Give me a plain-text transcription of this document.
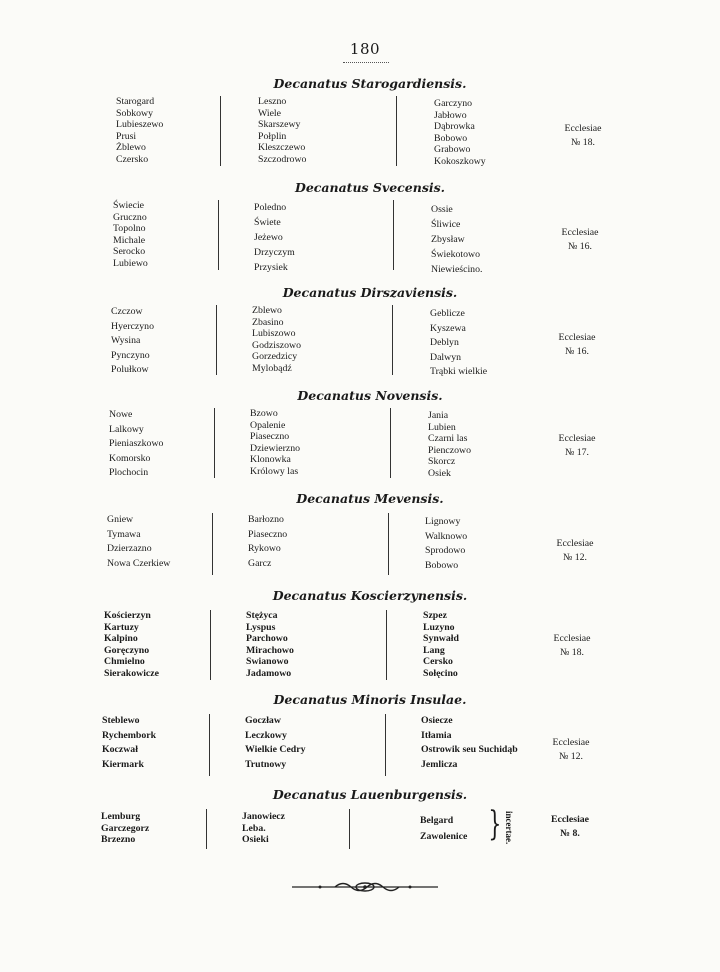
180
Decanatus Starogardiensis.
Starogard
Sobkowy
Lubieszewo
Prusi
Żblewo
Czersko
Leszno
Wiele
Skarszewy
Połplin
Kleszczewo
Szczodrowo
Garczyno
Jabłowo
Dąbrowka
Bobowo
Grabowo
Kokoszkowy
Ecclesiae
№ 18.
Decanatus Svecensis.
Świecie
Gruczno
Topolno
Michale
Serocko
Lubiewo
Poledno
Świete
Jeżewo
Drzyczym
Przysiek
Ossie
Śliwice
Zbysław
Świekotowo
Niewieścino.
Ecclesiae
№ 16.
Decanatus Dirszaviensis.
Czczow
Hyerczyno
Wysina
Pynczyno
Polułkow
Zblewo
Zbasino
Lubiszowo
Godziszowo
Gorzedzicy
Mylobądź
Geblicze
Kyszewa
Deblyn
Dalwyn
Trąbki wielkie
Ecclesiae
№ 16.
Decanatus Novensis.
Nowe
Lalkowy
Pieniaszkowo
Komorsko
Plochocin
Bzowo
Opalenie
Piaseczno
Dziewierzno
Klonowka
Królowy las
Jania
Lubien
Czarni las
Pienczowo
Skorcz
Osiek
Ecclesiae
№ 17.
Decanatus Mevensis.
Gniew
Tymawa
Dzierzazno
Nowa Czerkiew
Barłozno
Piaseczno
Rykowo
Garcz
Lignowy
Walknowo
Sprodowo
Bobowo
Ecclesiae
№ 12.
Decanatus Koscierzynensis.
Kościerzyn
Kartuzy
Kalpino
Goręczyno
Chmielno
Sierakowicze
Stężyca
Lyspus
Parchowo
Mirachowo
Swianowo
Jadamowo
Szpez
Luzyno
Synwałd
Lang
Cersko
Sołęcino
Ecclesiae
№ 18.
Decanatus Minoris Insulae.
Steblewo
Rychembork
Koczwał
Kiermark
Goczław
Leczkowy
Wielkie Cedry
Trutnowy
Osiecze
Itłamia
Ostrowik seu Suchidąb
Jemlicza
Ecclesiae
№ 12.
Decanatus Lauenburgensis.
Lemburg
Garczegorz
Brzezno
Janowiecz
Leba.
Osieki
Belgard
Zawolenice } incertae.	Ecclesiae
№ 8.
